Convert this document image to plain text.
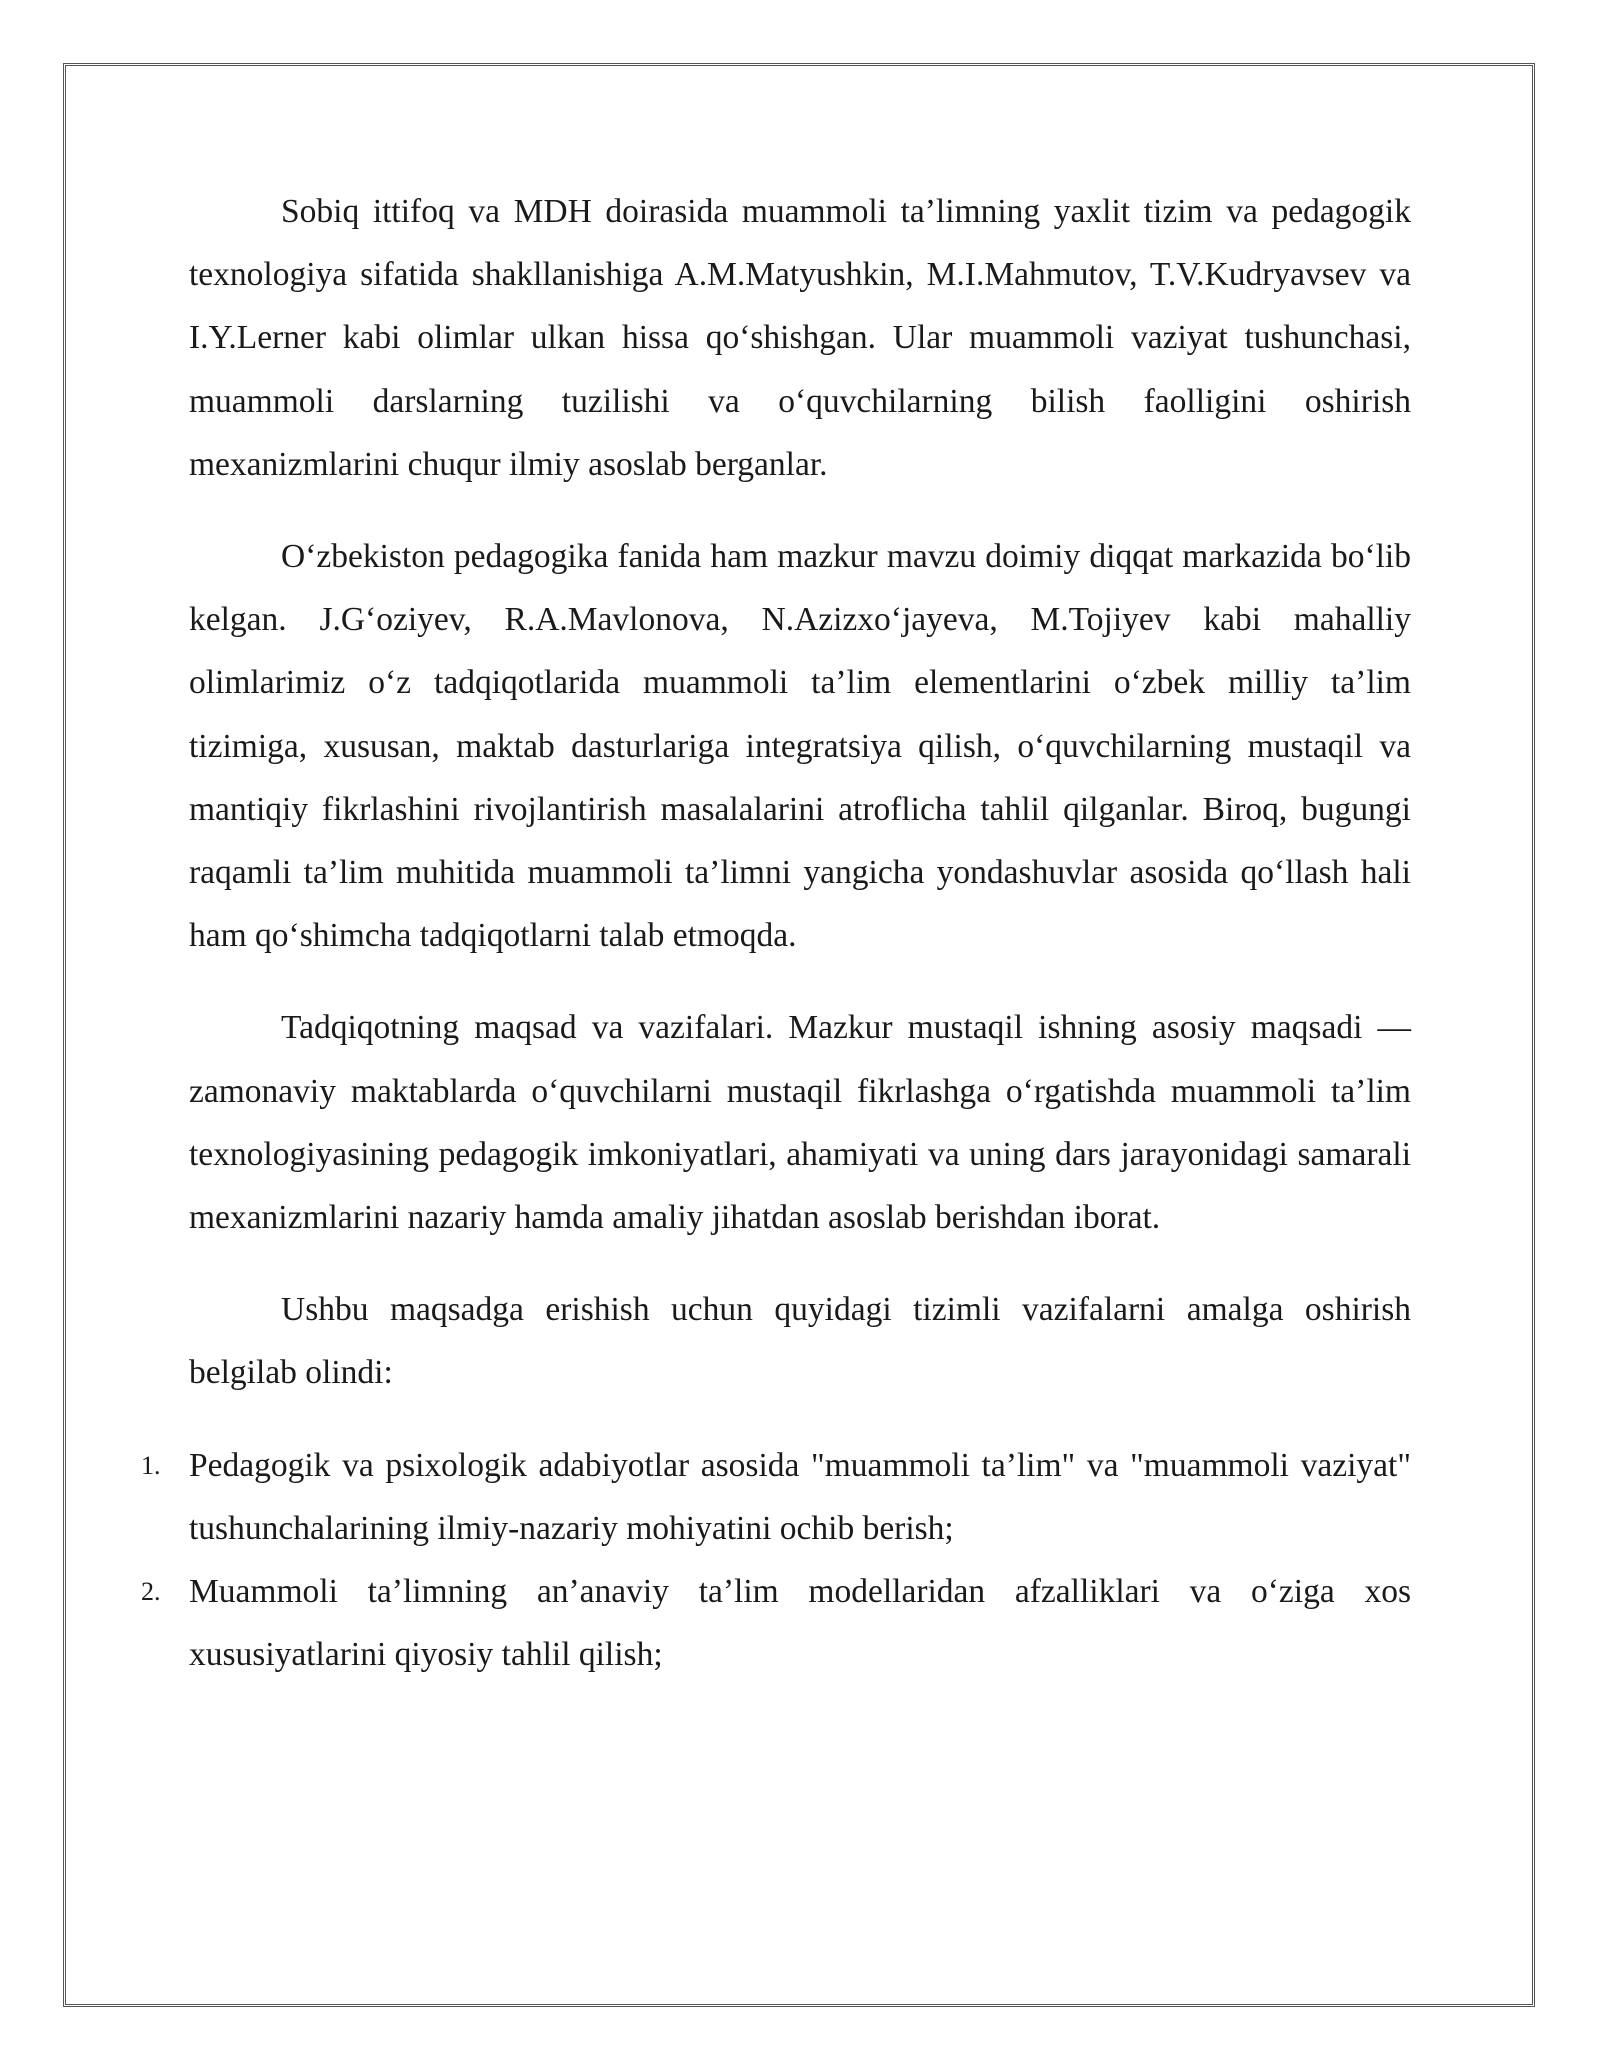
Sobiq ittifoq va MDH doirasida muammoli ta’limning yaxlit tizim va pedagogik texnologiya sifatida shakllanishiga A.M.Matyushkin, M.I.Mahmutov, T.V.Kudryavsev va I.Y.Lerner kabi olimlar ulkan hissa qo‘shishgan. Ular muammoli vaziyat tushunchasi, muammoli darslarning tuzilishi va o‘quvchilarning bilish faolligini oshirish mexanizmlarini chuqur ilmiy asoslab berganlar.

O‘zbekiston pedagogika fanida ham mazkur mavzu doimiy diqqat markazida bo‘lib kelgan. J.G‘oziyev, R.A.Mavlonova, N.Azizxo‘jayeva, M.Tojiyev kabi mahalliy olimlarimiz o‘z tadqiqotlarida muammoli ta’lim elementlarini o‘zbek milliy ta’lim tizimiga, xususan, maktab dasturlariga integratsiya qilish, o‘quvchilarning mustaqil va mantiqiy fikrlashini rivojlantirish masalalarini atroflicha tahlil qilganlar. Biroq, bugungi raqamli ta’lim muhitida muammoli ta’limni yangicha yondashuvlar asosida qo‘llash hali ham qo‘shimcha tadqiqotlarni talab etmoqda.

Tadqiqotning maqsad va vazifalari. Mazkur mustaqil ishning asosiy maqsadi — zamonaviy maktablarda o‘quvchilarni mustaqil fikrlashga o‘rgatishda muammoli ta’lim texnologiyasining pedagogik imkoniyatlari, ahamiyati va uning dars jarayonidagi samarali mexanizmlarini nazariy hamda amaliy jihatdan asoslab berishdan iborat.

Ushbu maqsadga erishish uchun quyidagi tizimli vazifalarni amalga oshirish belgilab olindi:

1. Pedagogik va psixologik adabiyotlar asosida "muammoli ta’lim" va "muammoli vaziyat" tushunchalarining ilmiy-nazariy mohiyatini ochib berish;
2. Muammoli ta’limning an’anaviy ta’lim modellaridan afzalliklari va o‘ziga xos xususiyatlarini qiyosiy tahlil qilish;
